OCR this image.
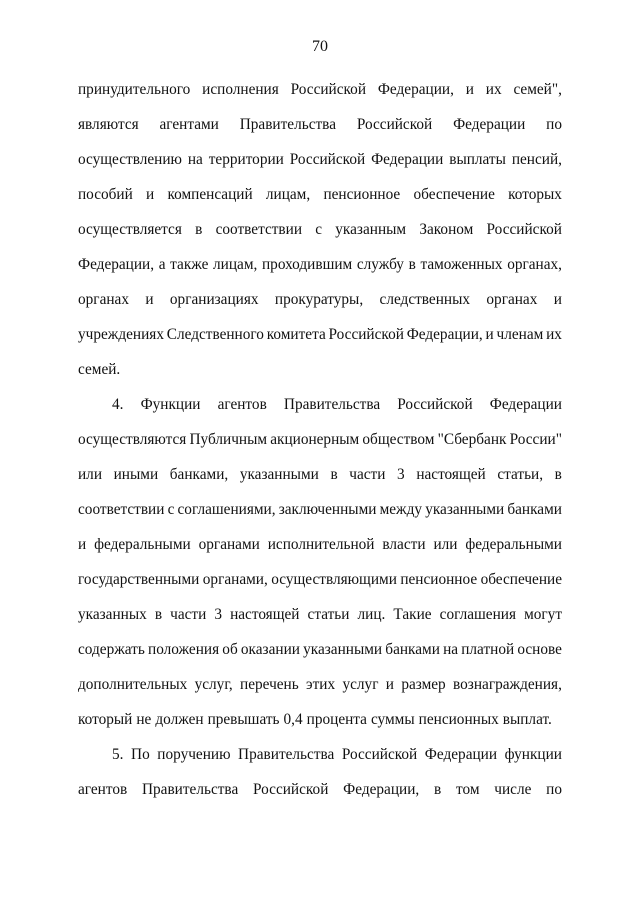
70
принудительного исполнения Российской Федерации, и их семей",
являются агентами Правительства Российской Федерации по
осуществлению на территории Российской Федерации выплаты пенсий,
пособий и компенсаций лицам, пенсионное обеспечение которых
осуществляется в соответствии с указанным Законом Российской
Федерации, а также лицам, проходившим службу в таможенных органах,
органах и организациях прокуратуры, следственных органах и
учреждениях Следственного комитета Российской Федерации, и членам их
семей.
4. Функции агентов Правительства Российской Федерации
осуществляются Публичным акционерным обществом "Сбербанк России"
или иными банками, указанными в части 3 настоящей статьи, в
соответствии с соглашениями, заключенными между указанными банками
и федеральными органами исполнительной власти или федеральными
государственными органами, осуществляющими пенсионное обеспечение
указанных в части 3 настоящей статьи лиц. Такие соглашения могут
содержать положения об оказании указанными банками на платной основе
дополнительных услуг, перечень этих услуг и размер вознаграждения,
который не должен превышать 0,4 процента суммы пенсионных выплат.
5. По поручению Правительства Российской Федерации функции
агентов Правительства Российской Федерации, в том числе по
